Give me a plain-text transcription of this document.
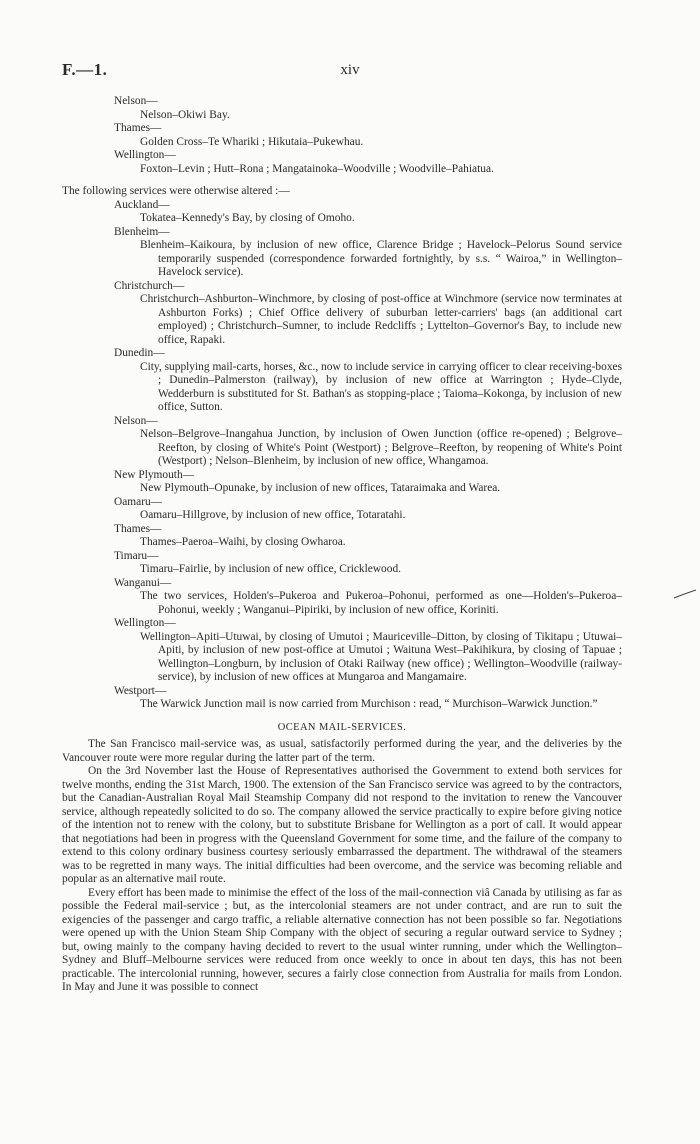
F.—1.	xiv
Nelson—
Nelson–Okiwi Bay.
Thames—
Golden Cross–Te Whariki ; Hikutaia–Pukewhau.
Wellington—
Foxton–Levin ; Hutt–Rona ; Mangatainoka–Woodville ; Woodville–Pahiatua.
The following services were otherwise altered :—
Auckland—
Tokatea–Kennedy's Bay, by closing of Omoho.
Blenheim—
Blenheim–Kaikoura, by inclusion of new office, Clarence Bridge ; Havelock–Pelorus Sound service temporarily suspended (correspondence forwarded fortnightly, by s.s. “ Wairoa,” in Wellington–Havelock service).
Christchurch—
Christchurch–Ashburton–Winchmore, by closing of post-office at Winchmore (service now terminates at Ashburton Forks) ; Chief Office delivery of suburban letter-carriers' bags (an additional cart employed) ; Christchurch–Sumner, to include Redcliffs ; Lyttelton–Governor's Bay, to include new office, Rapaki.
Dunedin—
City, supplying mail-carts, horses, &c., now to include service in carrying officer to clear receiving-boxes ; Dunedin–Palmerston (railway), by inclusion of new office at Warrington ; Hyde–Clyde, Wedderburn is substituted for St. Bathan's as stopping-place ; Taioma–Kokonga, by inclusion of new office, Sutton.
Nelson—
Nelson–Belgrove–Inangahua Junction, by inclusion of Owen Junction (office re-opened) ; Belgrove–Reefton, by closing of White's Point (Westport) ; Belgrove–Reefton, by reopening of White's Point (Westport) ; Nelson–Blenheim, by inclusion of new office, Whangamoa.
New Plymouth—
New Plymouth–Opunake, by inclusion of new offices, Tataraimaka and Warea.
Oamaru—
Oamaru–Hillgrove, by inclusion of new office, Totaratahi.
Thames—
Thames–Paeroa–Waihi, by closing Owharoa.
Timaru—
Timaru–Fairlie, by inclusion of new office, Cricklewood.
Wanganui—
The two services, Holden's–Pukeroa and Pukeroa–Pohonui, performed as one—Holden's–Pukeroa–Pohonui, weekly ; Wanganui–Pipiriki, by inclusion of new office, Koriniti.
Wellington—
Wellington–Apiti–Utuwai, by closing of Umutoi ; Mauriceville–Ditton, by closing of Tikitapu ; Utuwai–Apiti, by inclusion of new post-office at Umutoi ; Waituna West–Pakihikura, by closing of Tapuae ; Wellington–Longburn, by inclusion of Otaki Railway (new office) ; Wellington–Woodville (railway-service), by inclusion of new offices at Mungaroa and Mangamaire.
Westport—
The Warwick Junction mail is now carried from Murchison : read, “ Murchison–Warwick Junction.”
OCEAN MAIL-SERVICES.
The San Francisco mail-service was, as usual, satisfactorily performed during the year, and the deliveries by the Vancouver route were more regular during the latter part of the term.
On the 3rd November last the House of Representatives authorised the Government to extend both services for twelve months, ending the 31st March, 1900. The extension of the San Francisco service was agreed to by the contractors, but the Canadian-Australian Royal Mail Steamship Company did not respond to the invitation to renew the Vancouver service, although repeatedly solicited to do so. The company allowed the service practically to expire before giving notice of the intention not to renew with the colony, but to substitute Brisbane for Wellington as a port of call. It would appear that negotiations had been in progress with the Queensland Government for some time, and the failure of the company to extend to this colony ordinary business courtesy seriously embarrassed the department. The withdrawal of the steamers was to be regretted in many ways. The initial difficulties had been overcome, and the service was becoming reliable and popular as an alternative mail route.
Every effort has been made to minimise the effect of the loss of the mail-connection viâ Canada by utilising as far as possible the Federal mail-service ; but, as the intercolonial steamers are not under contract, and are run to suit the exigencies of the passenger and cargo traffic, a reliable alternative connection has not been possible so far. Negotiations were opened up with the Union Steam Ship Company with the object of securing a regular outward service to Sydney ; but, owing mainly to the company having decided to revert to the usual winter running, under which the Wellington–Sydney and Bluff–Melbourne services were reduced from once weekly to once in about ten days, this has not been practicable. The intercolonial running, however, secures a fairly close connection from Australia for mails from London. In May and June it was possible to connect
